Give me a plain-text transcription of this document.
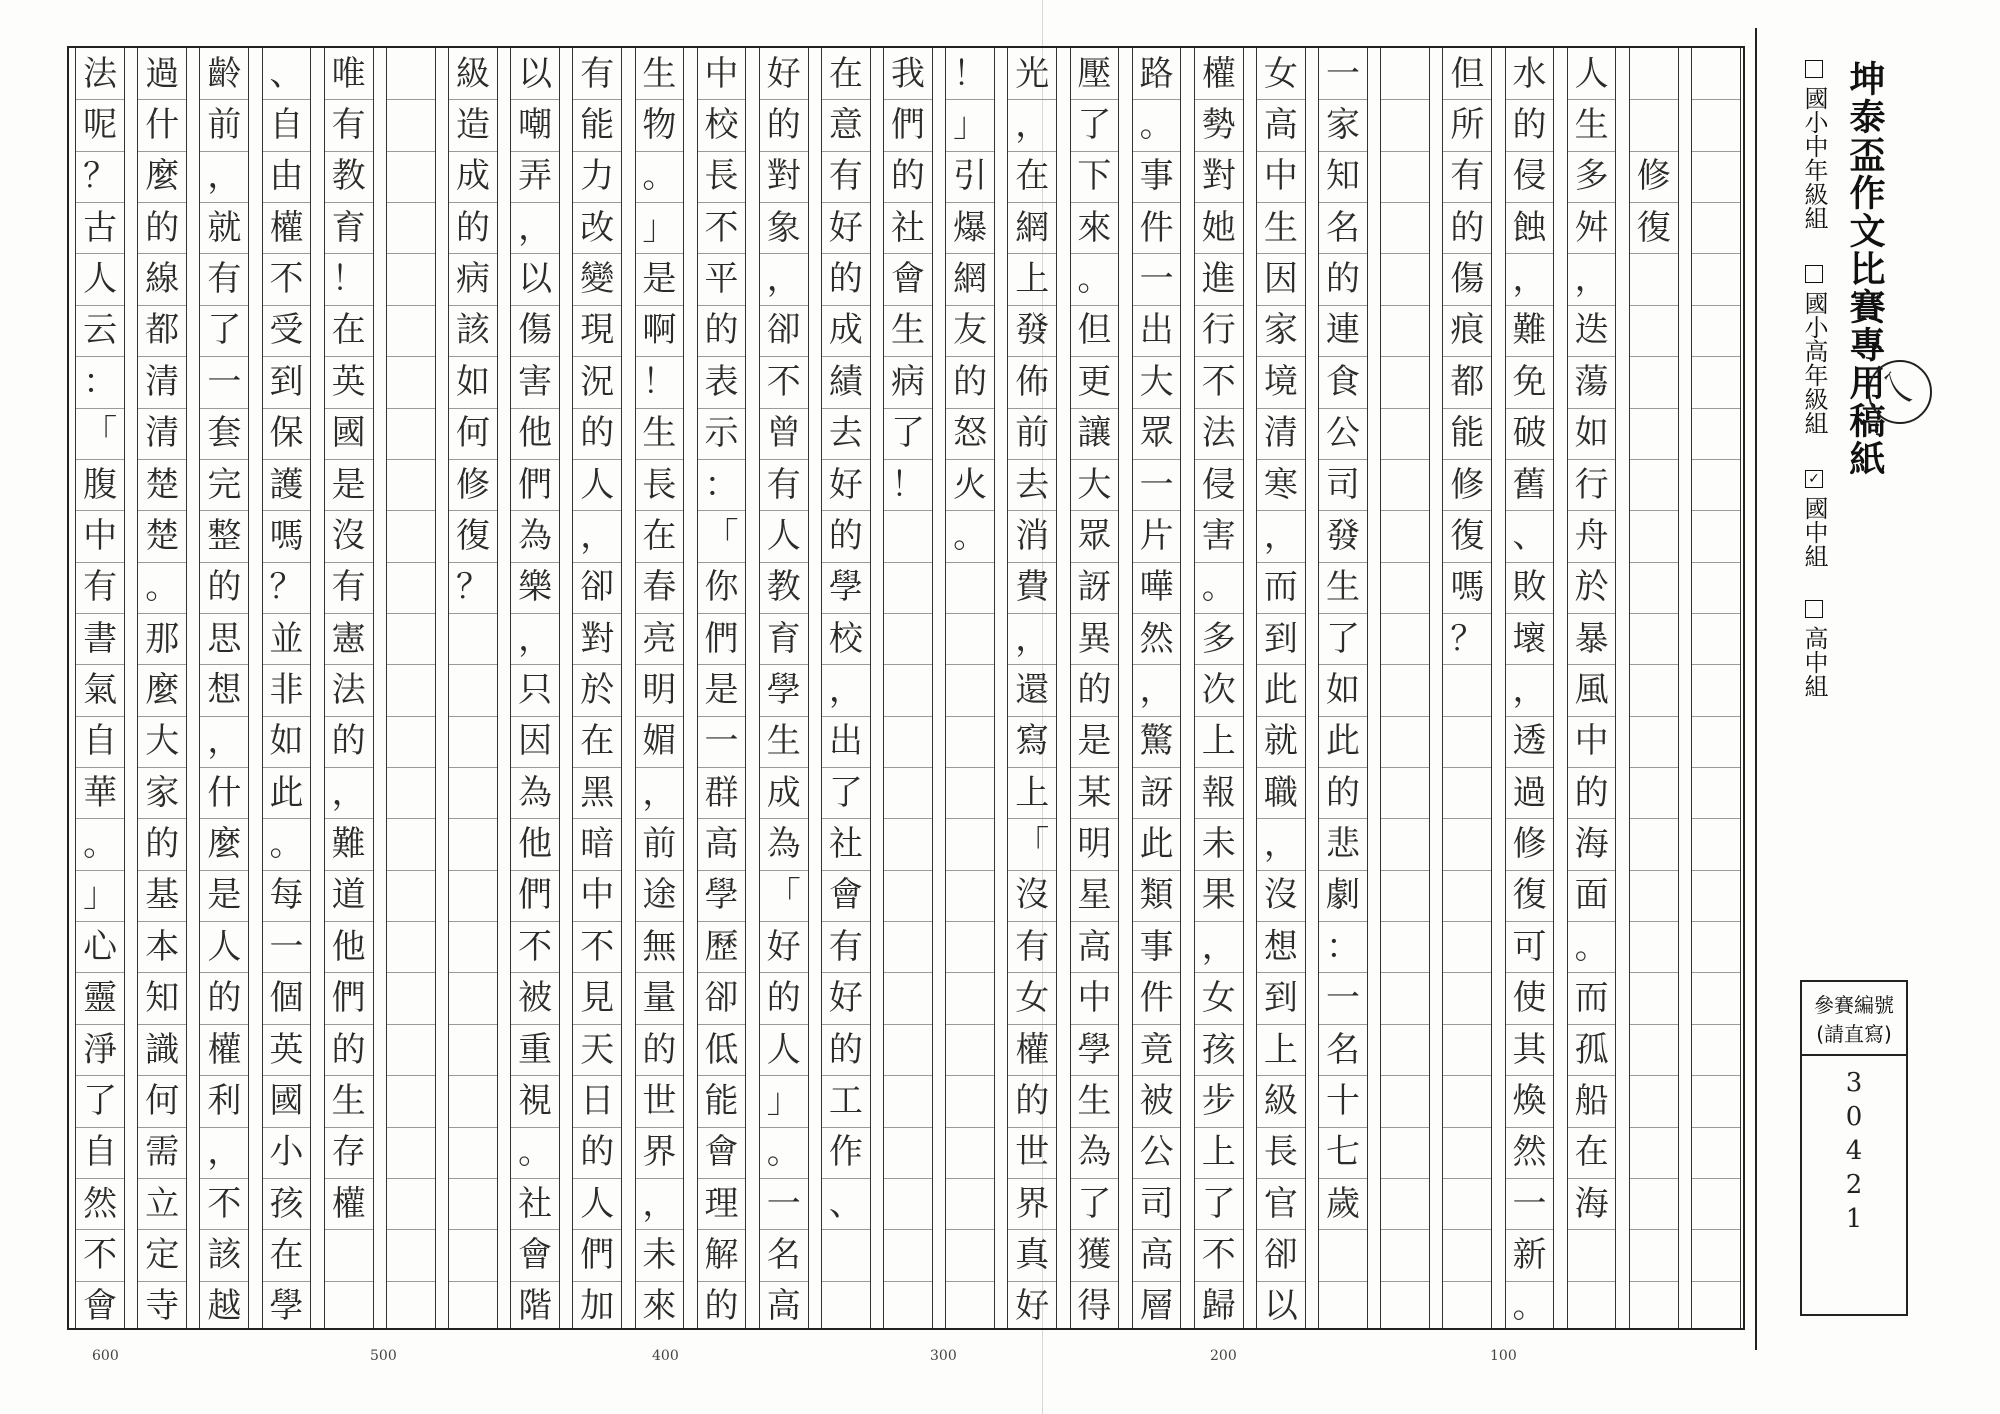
修
復
人
生
多
舛
，
迭
蕩
如
行
舟
於
暴
風
中
的
海
面
。
而
孤
船
在
海
水
的
侵
蝕
，
難
免
破
舊
、
敗
壞
，
透
過
修
復
可
使
其
煥
然
一
新
。
但
所
有
的
傷
痕
都
能
修
復
嗎
？
一
家
知
名
的
連
食
公
司
發
生
了
如
此
的
悲
劇
：
一
名
十
七
歲
女
高
中
生
因
家
境
清
寒
，
而
到
此
就
職
，
沒
想
到
上
級
長
官
卻
以
權
勢
對
她
進
行
不
法
侵
害
。
多
次
上
報
未
果
，
女
孩
步
上
了
不
歸
路
。
事
件
一
出
大
眾
一
片
嘩
然
，
驚
訝
此
類
事
件
竟
被
公
司
高
層
壓
了
下
來
。
但
更
讓
大
眾
訝
異
的
是
某
明
星
高
中
學
生
為
了
獲
得
光
，
在
網
上
發
佈
前
去
消
費
，
還
寫
上
「
沒
有
女
權
的
世
界
真
好
！
」
引
爆
網
友
的
怒
火
。
我
們
的
社
會
生
病
了
！
在
意
有
好
的
成
績
去
好
的
學
校
，
出
了
社
會
有
好
的
工
作
、
好
的
對
象
，
卻
不
曾
有
人
教
育
學
生
成
為
「
好
的
人
」
。
一
名
高
中
校
長
不
平
的
表
示
：
「
你
們
是
一
群
高
學
歷
卻
低
能
會
理
解
的
生
物
。
」
是
啊
！
生
長
在
春
亮
明
媚
，
前
途
無
量
的
世
界
，
未
來
有
能
力
改
變
現
況
的
人
，
卻
對
於
在
黑
暗
中
不
見
天
日
的
人
們
加
以
嘲
弄
，
以
傷
害
他
們
為
樂
，
只
因
為
他
們
不
被
重
視
。
社
會
階
級
造
成
的
病
該
如
何
修
復
？
唯
有
教
育
！
在
英
國
是
沒
有
憲
法
的
，
難
道
他
們
的
生
存
權
、
自
由
權
不
受
到
保
護
嗎
？
並
非
如
此
。
每
一
個
英
國
小
孩
在
學
齡
前
，
就
有
了
一
套
完
整
的
思
想
，
什
麼
是
人
的
權
利
，
不
該
越
過
什
麼
的
線
都
清
清
楚
楚
。
那
麼
大
家
的
基
本
知
識
何
需
立
定
寺
法
呢
？
古
人
云
：
「
腹
中
有
書
氣
自
華
。
」
心
靈
淨
了
自
然
不
會
坤泰盃作文比賽專用稿紙
國小中年級組
國小高年級組
✓國中組
高中組
乀
參賽編號
(請直寫)
3
0
4
2
1
600	500	400	300	200	100
